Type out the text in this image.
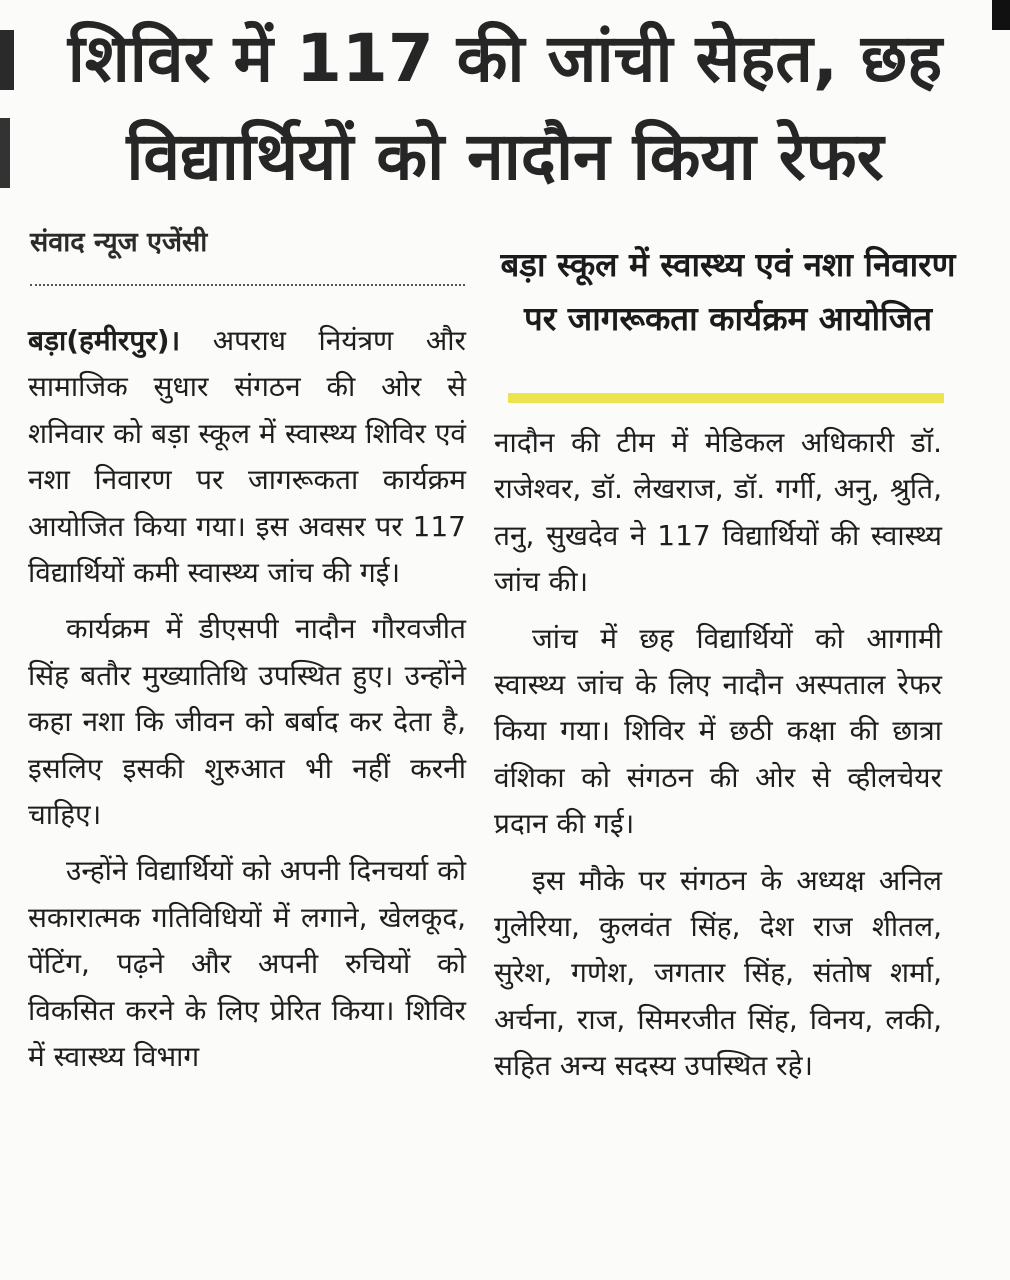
शिविर में 117 की जांची सेहत, छह विद्यार्थियों को नादौन किया रेफर
संवाद न्यूज एजेंसी
बड़ा स्कूल में स्वास्थ्य एवं नशा निवारण पर जागरूकता कार्यक्रम आयोजित

बड़ा(हमीरपुर)। अपराध नियंत्रण और सामाजिक सुधार संगठन की ओर से शनिवार को बड़ा स्कूल में स्वास्थ्य शिविर एवं नशा निवारण पर जागरूकता कार्यक्रम आयोजित किया गया। इस अवसर पर 117 विद्यार्थियों कमी स्वास्थ्य जांच की गई।

कार्यक्रम में डीएसपी नादौन गौरवजीत सिंह बतौर मुख्यातिथि उपस्थित हुए। उन्होंने कहा नशा कि जीवन को बर्बाद कर देता है, इसलिए इसकी शुरुआत भी नहीं करनी चाहिए।

उन्होंने विद्यार्थियों को अपनी दिनचर्या को सकारात्मक गतिविधियों में लगाने, खेलकूद, पेंटिंग, पढ़ने और अपनी रुचियों को विकसित करने के लिए प्रेरित किया। शिविर में स्वास्थ्य विभाग

नादौन की टीम में मेडिकल अधिकारी डॉ. राजेश्वर, डॉ. लेखराज, डॉ. गर्गी, अनु, श्रुति, तनु, सुखदेव ने 117 विद्यार्थियों की स्वास्थ्य जांच की।

जांच में छह विद्यार्थियों को आगामी स्वास्थ्य जांच के लिए नादौन अस्पताल रेफर किया गया। शिविर में छठी कक्षा की छात्रा वंशिका को संगठन की ओर से व्हीलचेयर प्रदान की गई।

इस मौके पर संगठन के अध्यक्ष अनिल गुलेरिया, कुलवंत सिंह, देश राज शीतल, सुरेश, गणेश, जगतार सिंह, संतोष शर्मा, अर्चना, राज, सिमरजीत सिंह, विनय, लकी, सहित अन्य सदस्य उपस्थित रहे।
